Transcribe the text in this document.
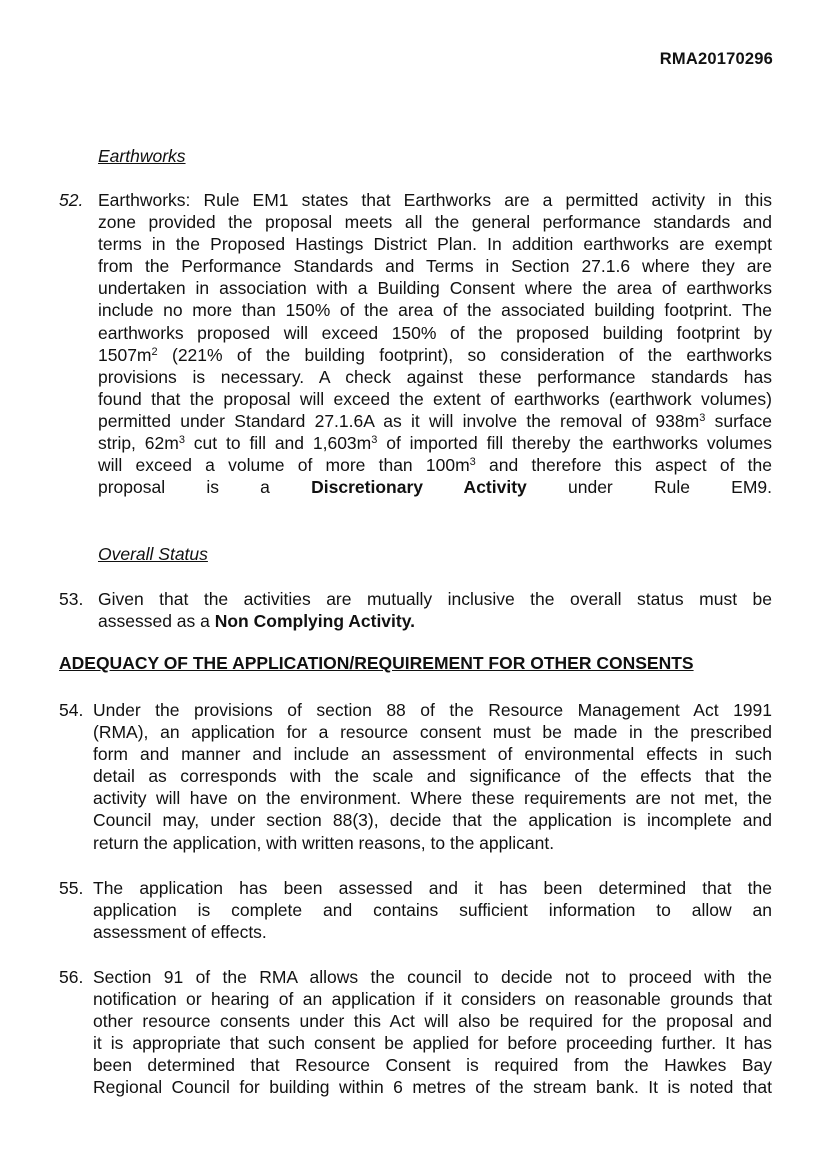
RMA20170296
Earthworks
52. Earthworks: Rule EM1 states that Earthworks are a permitted activity in this
zone provided the proposal meets all the general performance standards and
terms in the Proposed Hastings District Plan. In addition earthworks are exempt
from the Performance Standards and Terms in Section 27.1.6 where they are
undertaken in association with a Building Consent where the area of earthworks
include no more than 150% of the area of the associated building footprint. The
earthworks proposed will exceed 150% of the proposed building footprint by
$1507m^2$ (221% of the building footprint), so consideration of the earthworks
provisions is necessary. A check against these performance standards has
found that the proposal will exceed the extent of earthworks (earthwork volumes)
permitted under Standard 27.1.6A as it will involve the removal of $938m^3$ surface
strip, $62m^3$ cut to fill and $1,603m^3$ of imported fill thereby the earthworks volumes
will exceed a volume of more than $100m^3$ and therefore this aspect of the
proposal is a Discretionary Activity under Rule EM9.
Overall Status
53. Given that the activities are mutually inclusive the overall status must be
assessed as a Non Complying Activity.
ADEQUACY OF THE APPLICATION/REQUIREMENT FOR OTHER CONSENTS
54. Under the provisions of section 88 of the Resource Management Act 1991
(RMA), an application for a resource consent must be made in the prescribed
form and manner and include an assessment of environmental effects in such
detail as corresponds with the scale and significance of the effects that the
activity will have on the environment. Where these requirements are not met, the
Council may, under section 88(3), decide that the application is incomplete and
return the application, with written reasons, to the applicant.
55. The application has been assessed and it has been determined that the
application is complete and contains sufficient information to allow an
assessment of effects.
56. Section 91 of the RMA allows the council to decide not to proceed with the
notification or hearing of an application if it considers on reasonable grounds that
other resource consents under this Act will also be required for the proposal and
it is appropriate that such consent be applied for before proceeding further. It has
been determined that Resource Consent is required from the Hawkes Bay
Regional Council for building within 6 metres of the stream bank. It is noted that
